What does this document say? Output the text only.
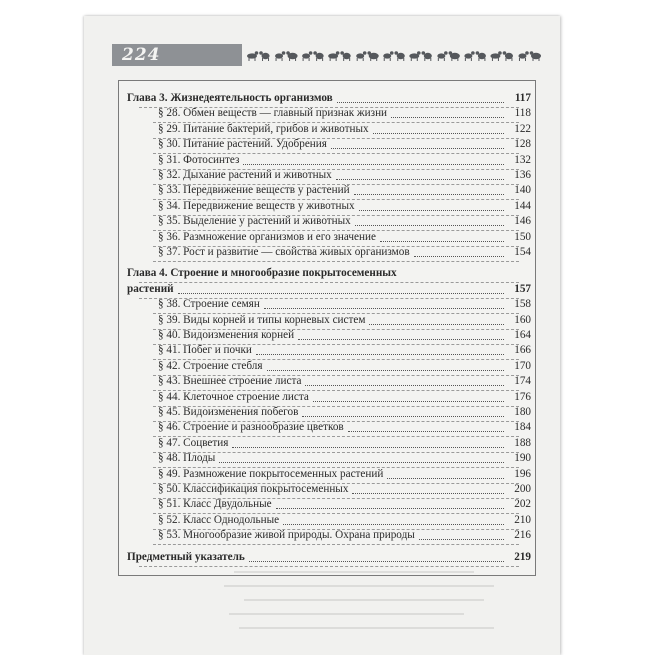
224
Глава 3. Жизнедеятельность организмов	117
§ 28. Обмен веществ — главный признак жизни	118
§ 29. Питание бактерий, грибов и животных	122
§ 30. Питание растений. Удобрения	128
§ 31. Фотосинтез	132
§ 32. Дыхание растений и животных	136
§ 33. Передвижение веществ у растений	140
§ 34. Передвижение веществ у животных	144
§ 35. Выделение у растений и животных	146
§ 36. Размножение организмов и его значение	150
§ 37. Рост и развитие — свойства живых организмов	154
Глава 4. Строение и многообразие покрытосеменных
растений	157
§ 38. Строение семян	158
§ 39. Виды корней и типы корневых систем	160
§ 40. Видоизменения корней	164
§ 41. Побег и почки	166
§ 42. Строение стебля	170
§ 43. Внешнее строение листа	174
§ 44. Клеточное строение листа	176
§ 45. Видоизменения побегов	180
§ 46. Строение и разнообразие цветков	184
§ 47. Соцветия	188
§ 48. Плоды	190
§ 49. Размножение покрытосеменных растений	196
§ 50. Классификация покрытосеменных	200
§ 51. Класс Двудольные	202
§ 52. Класс Однодольные	210
§ 53. Многообразие живой природы. Охрана природы	216
Предметный указатель	219
